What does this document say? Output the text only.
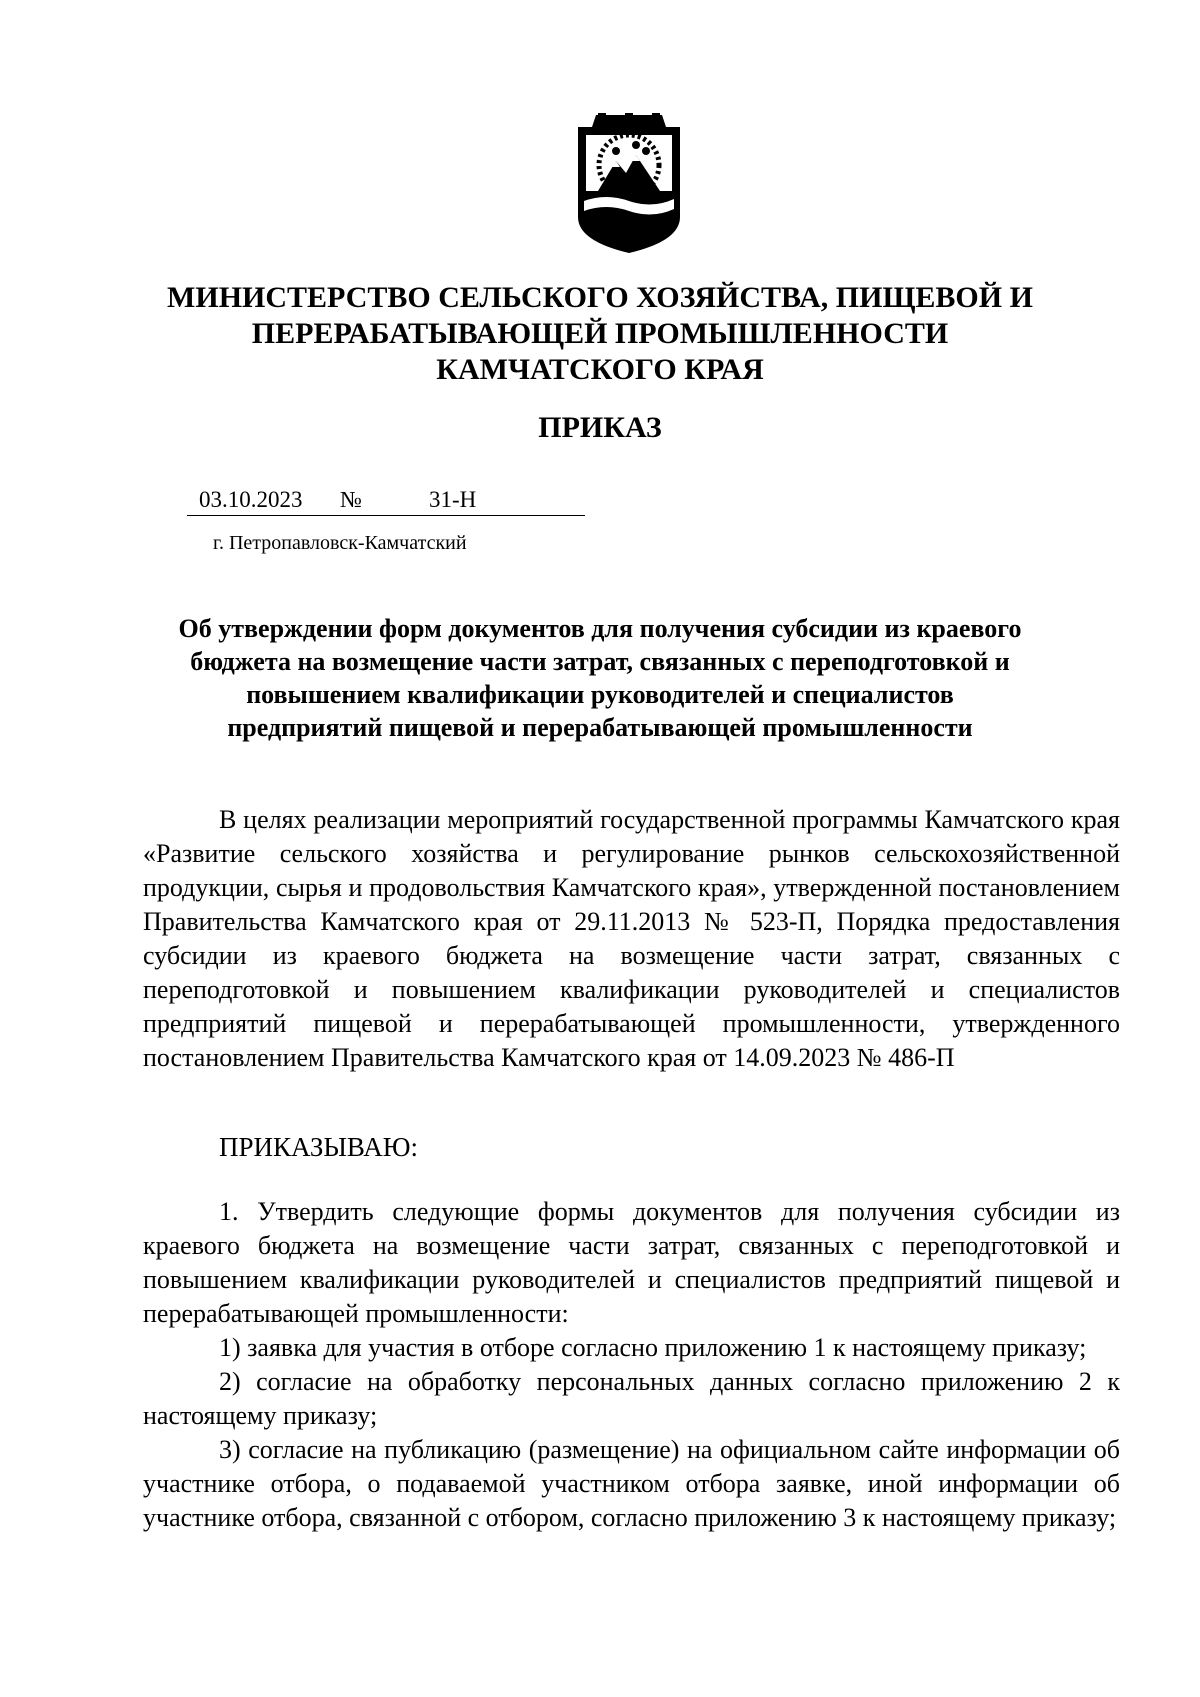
МИНИСТЕРСТВО СЕЛЬСКОГО ХОЗЯЙСТВА, ПИЩЕВОЙ И
ПЕРЕРАБАТЫВАЮЩЕЙ ПРОМЫШЛЕННОСТИ
КАМЧАТСКОГО КРАЯ
ПРИКАЗ
03.10.2023 №	31-Н
г. Петропавловск-Камчатский
Об утверждении форм документов для получения субсидии из краевого
бюджета на возмещение части затрат, связанных с переподготовкой и
повышением квалификации руководителей и специалистов
предприятий пищевой и перерабатывающей промышленности

В целях реализации мероприятий государственной программы Камчатского края «Развитие сельского хозяйства и регулирование рынков сельскохозяйственной продукции, сырья и продовольствия Камчатского края», утвержденной постановлением Правительства Камчатского края от 29.11.2013 № 523-П, Порядка предоставления субсидии из краевого бюджета на возмещение части затрат, связанных с переподготовкой и повышением квалификации руководителей и специалистов предприятий пищевой и перерабатывающей промышленности, утвержденного постановлением Правительства Камчатского края от 14.09.2023 № 486-П

ПРИКАЗЫВАЮ:

1. Утвердить следующие формы документов для получения субсидии из краевого бюджета на возмещение части затрат, связанных с переподготовкой и повышением квалификации руководителей и специалистов предприятий пищевой и перерабатывающей промышленности:

1) заявка для участия в отборе согласно приложению 1 к настоящему приказу;

2) согласие на обработку персональных данных согласно приложению 2 к настоящему приказу;

3) согласие на публикацию (размещение) на официальном сайте информации об участнике отбора, о подаваемой участником отбора заявке, иной информации об участнике отбора, связанной с отбором, согласно приложению 3 к настоящему приказу;
